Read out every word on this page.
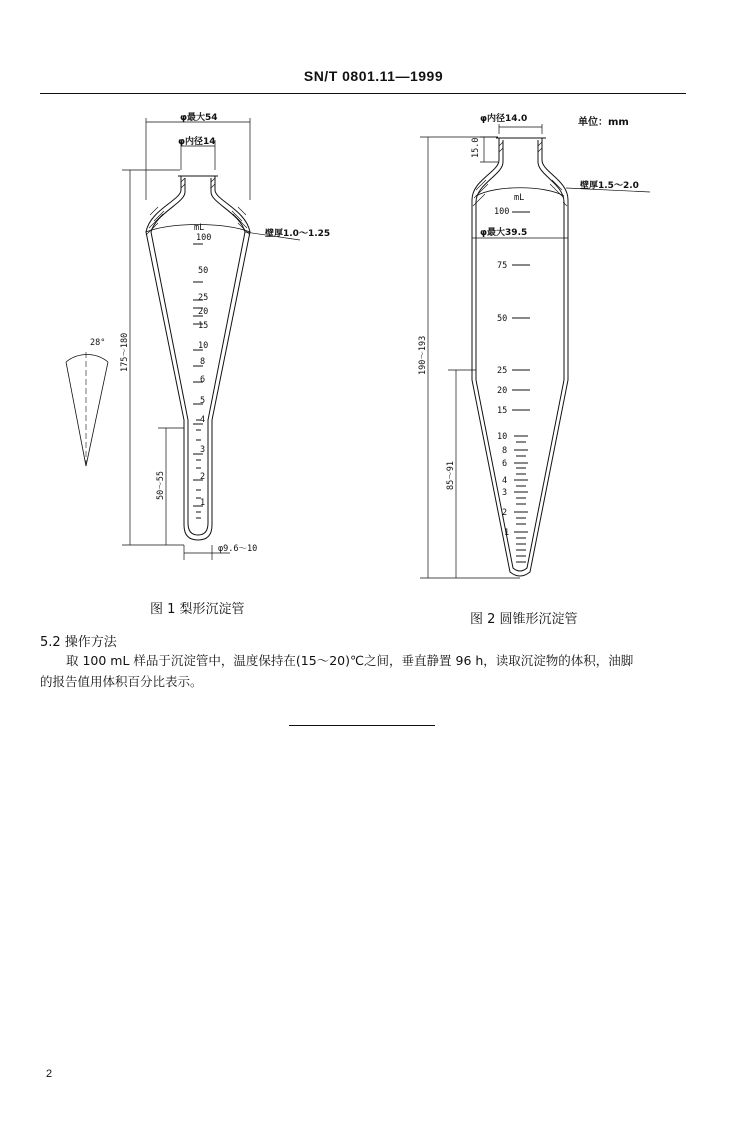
SN/T 0801.11—1999
φ最大54
φ内径14
mL
壁厚1.0～1.25
28° 175～180
50～55
φ9.6～10
100
50
25
20
15
10
8
6
5
4
3
2
1
φ内径14.0	单位：mm
15.0
壁厚1.5～2.0
mL
100
φ最大39.5
75
50
25
20
15
10
8
6
4
3
2
1
190～193
85～91
图 1 梨形沉淀管
图 2 圆锥形沉淀管
5.2 操作方法
取 100 mL 样品于沉淀管中，温度保持在(15～20)℃之间，垂直静置 96 h，读取沉淀物的体积，油脚
的报告值用体积百分比表示。
2
